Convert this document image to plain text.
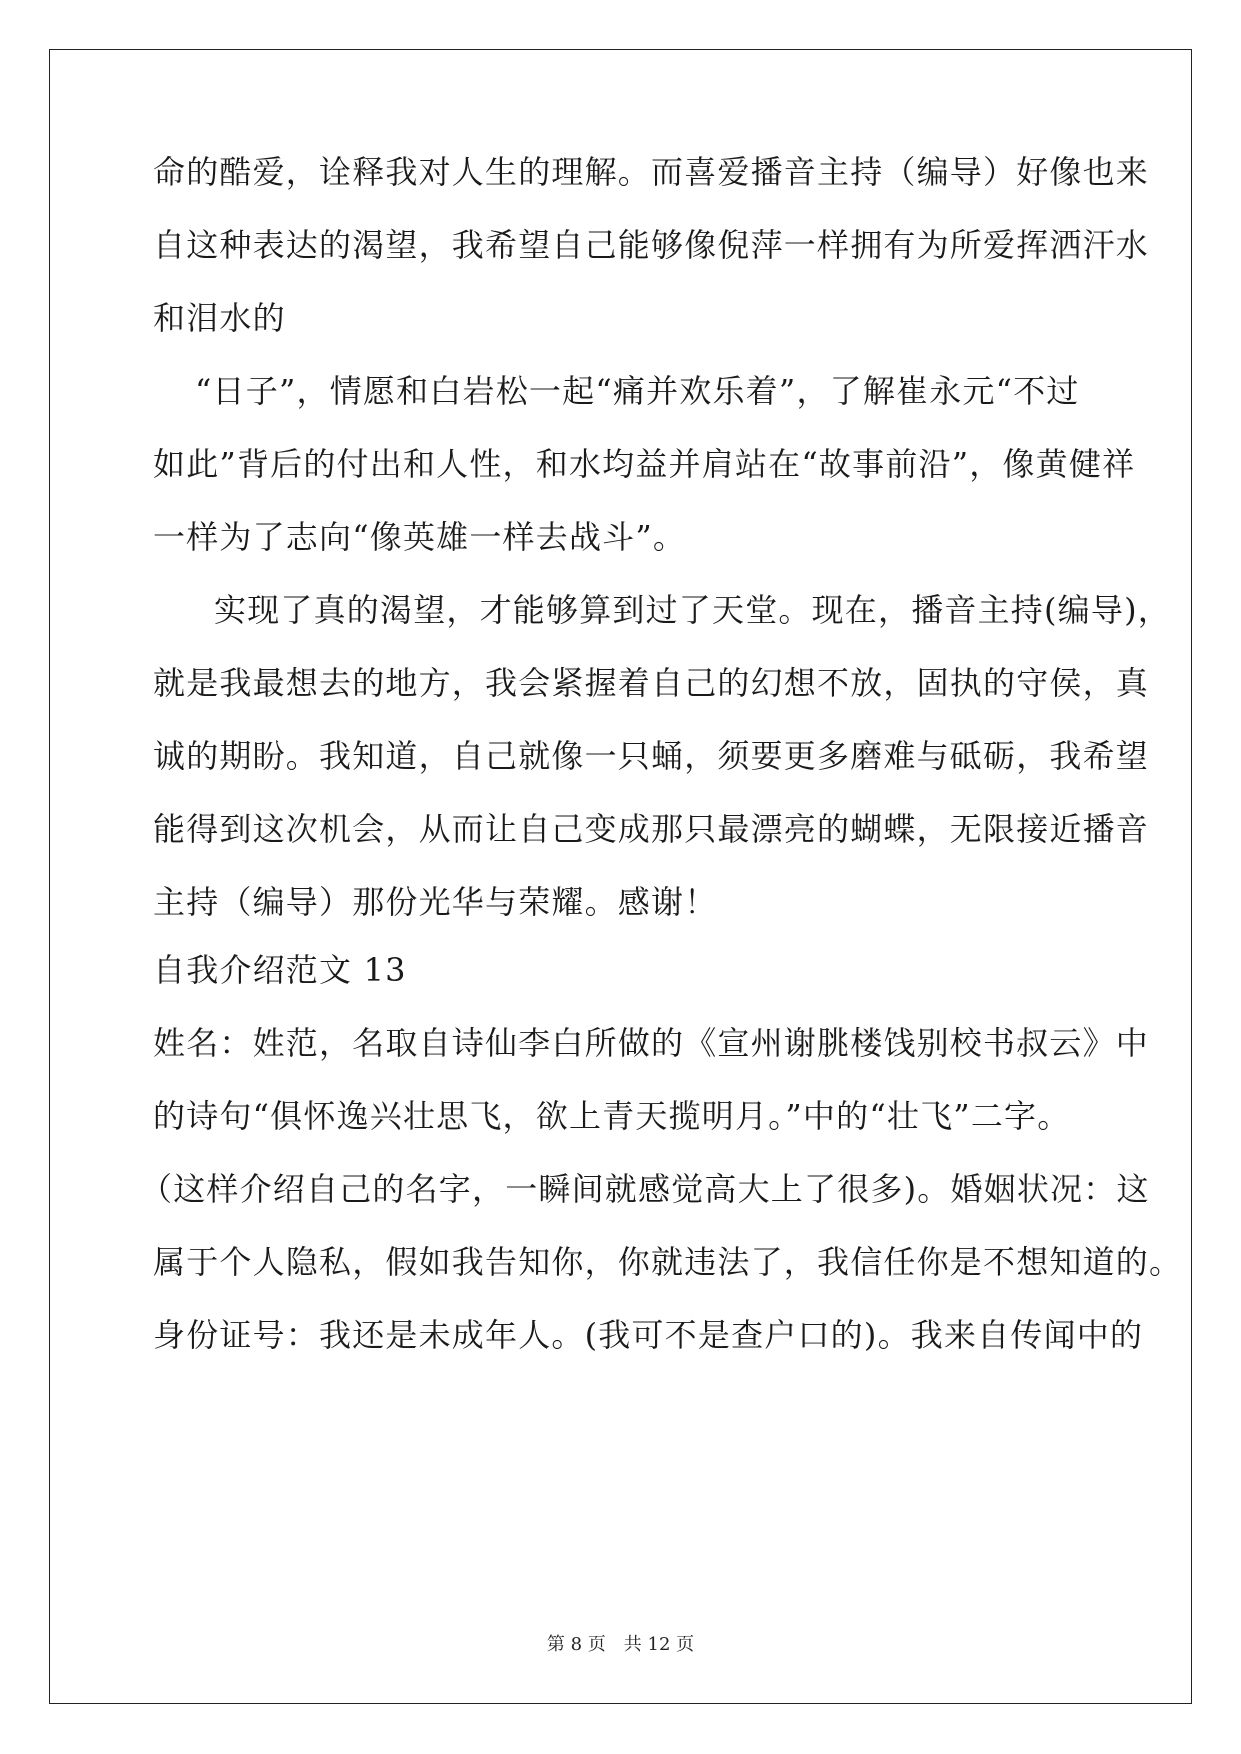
命的酷爱，诠释我对人生的理解。而喜爱播音主持（编导）好像也来

自这种表达的渴望，我希望自己能够像倪萍一样拥有为所爱挥洒汗水

和泪水的

“日子”，情愿和白岩松一起“痛并欢乐着”，了解崔永元“不过

如此”背后的付出和人性，和水均益并肩站在“故事前沿”，像黄健祥

一样为了志向“像英雄一样去战斗”。

实现了真的渴望，才能够算到过了天堂。现在，播音主持(编导)，

就是我最想去的地方，我会紧握着自己的幻想不放，固执的守侯，真

诚的期盼。我知道，自己就像一只蛹，须要更多磨难与砥砺，我希望

能得到这次机会，从而让自己变成那只最漂亮的蝴蝶，无限接近播音

主持（编导）那份光华与荣耀。感谢！

自我介绍范文 13

姓名：姓范，名取自诗仙李白所做的《宣州谢朓楼饯别校书叔云》中

的诗句“俱怀逸兴壮思飞，欲上青天揽明月。”中的“壮飞”二字。

（这样介绍自己的名字，一瞬间就感觉高大上了很多)。婚姻状况：这

属于个人隐私，假如我告知你，你就违法了，我信任你是不想知道的。

身份证号：我还是未成年人。(我可不是查户口的)。我来自传闻中的

第 8 页 共 12 页
